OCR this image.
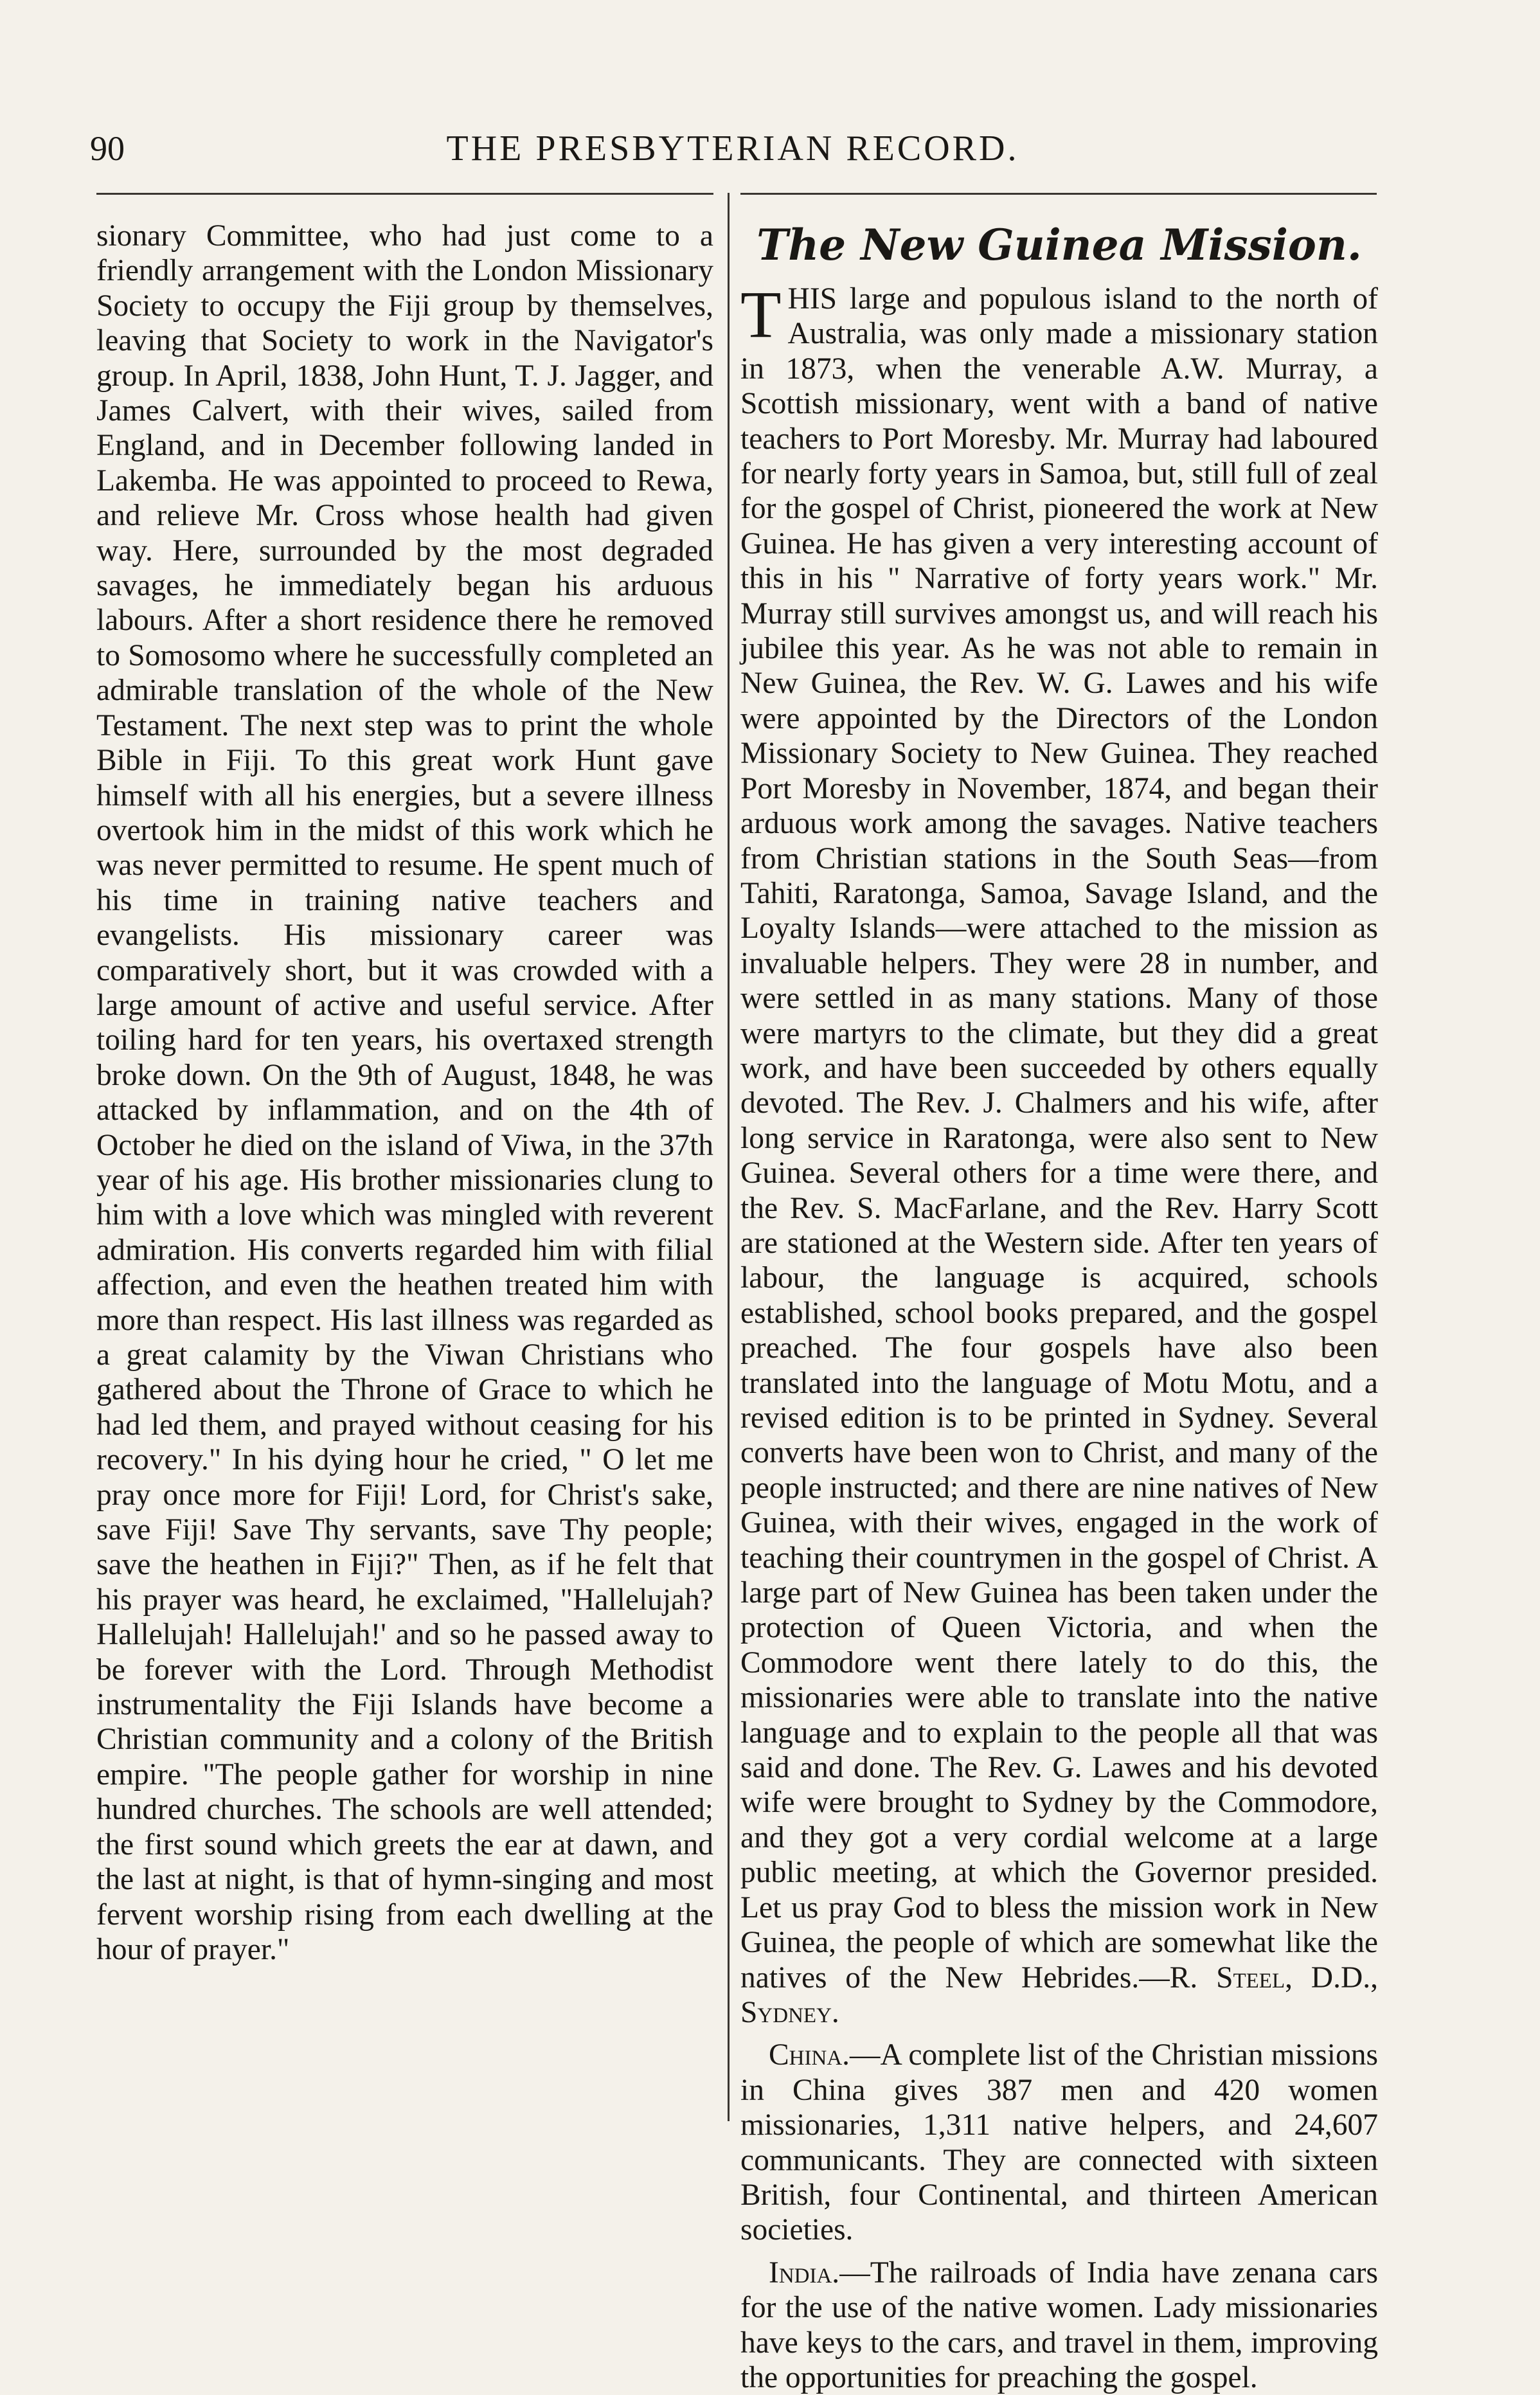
90	THE PRESBYTERIAN RECORD.

sionary Committee, who had just come to a friendly arrangement with the London Missionary Society to occupy the Fiji group by themselves, leaving that Society to work in the Navigator's group. In April, 1838, John Hunt, T. J. Jagger, and James Calvert, with their wives, sailed from England, and in December following landed in Lakemba. He was appointed to proceed to Rewa, and relieve Mr. Cross whose health had given way. Here, surrounded by the most degraded savages, he immediately began his arduous labours. After a short residence there he removed to Somosomo where he successfully completed an admirable translation of the whole of the New Testament. The next step was to print the whole Bible in Fiji. To this great work Hunt gave himself with all his energies, but a severe illness overtook him in the midst of this work which he was never permitted to resume. He spent much of his time in training native teachers and evangelists. His missionary career was comparatively short, but it was crowded with a large amount of active and useful service. After toiling hard for ten years, his overtaxed strength broke down. On the 9th of August, 1848, he was attacked by inflammation, and on the 4th of October he died on the island of Viwa, in the 37th year of his age. His brother missionaries clung to him with a love which was mingled with reverent admiration. His converts regarded him with filial affection, and even the heathen treated him with more than respect. His last illness was regarded as a great calamity by the Viwan Christians who gathered about the Throne of Grace to which he had led them, and prayed without ceasing for his recovery." In his dying hour he cried, " O let me pray once more for Fiji! Lord, for Christ's sake, save Fiji! Save Thy servants, save Thy people; save the heathen in Fiji?" Then, as if he felt that his prayer was heard, he exclaimed, "Hallelujah? Hallelujah! Hallelujah!' and so he passed away to be forever with the Lord. Through Methodist instrumentality the Fiji Islands have become a Christian community and a colony of the British empire. "The people gather for worship in nine hundred churches. The schools are well attended; the first sound which greets the ear at dawn, and the last at night, is that of hymn-singing and most fervent worship rising from each dwelling at the hour of prayer."

The New Guinea Mission.

THIS large and populous island to the north of Australia, was only made a missionary station in 1873, when the venerable A.W. Murray, a Scottish missionary, went with a band of native teachers to Port Moresby. Mr. Murray had laboured for nearly forty years in Samoa, but, still full of zeal for the gospel of Christ, pioneered the work at New Guinea. He has given a very interesting account of this in his " Narrative of forty years work." Mr. Murray still survives amongst us, and will reach his jubilee this year. As he was not able to remain in New Guinea, the Rev. W. G. Lawes and his wife were appointed by the Directors of the London Missionary Society to New Guinea. They reached Port Moresby in November, 1874, and began their arduous work among the savages. Native teachers from Christian stations in the South Seas—from Tahiti, Raratonga, Samoa, Savage Island, and the Loyalty Islands—were attached to the mission as invaluable helpers. They were 28 in number, and were settled in as many stations. Many of those were martyrs to the climate, but they did a great work, and have been succeeded by others equally devoted. The Rev. J. Chalmers and his wife, after long service in Raratonga, were also sent to New Guinea. Several others for a time were there, and the Rev. S. MacFarlane, and the Rev. Harry Scott are stationed at the Western side. After ten years of labour, the language is acquired, schools established, school books prepared, and the gospel preached. The four gospels have also been translated into the language of Motu Motu, and a revised edition is to be printed in Sydney. Several converts have been won to Christ, and many of the people instructed; and there are nine natives of New Guinea, with their wives, engaged in the work of teaching their countrymen in the gospel of Christ. A large part of New Guinea has been taken under the protection of Queen Victoria, and when the Commodore went there lately to do this, the missionaries were able to translate into the native language and to explain to the people all that was said and done. The Rev. G. Lawes and his devoted wife were brought to Sydney by the Commodore, and they got a very cordial welcome at a large public meeting, at which the Governor presided. Let us pray God to bless the mission work in New Guinea, the people of which are somewhat like the natives of the New Hebrides.—R. Steel, D.D., Sydney.

China.—A complete list of the Christian missions in China gives 387 men and 420 women missionaries, 1,311 native helpers, and 24,607 communicants. They are connected with sixteen British, four Continental, and thirteen American societies.

India.—The railroads of India have zenana cars for the use of the native women. Lady missionaries have keys to the cars, and travel in them, improving the opportunities for preaching the gospel.
